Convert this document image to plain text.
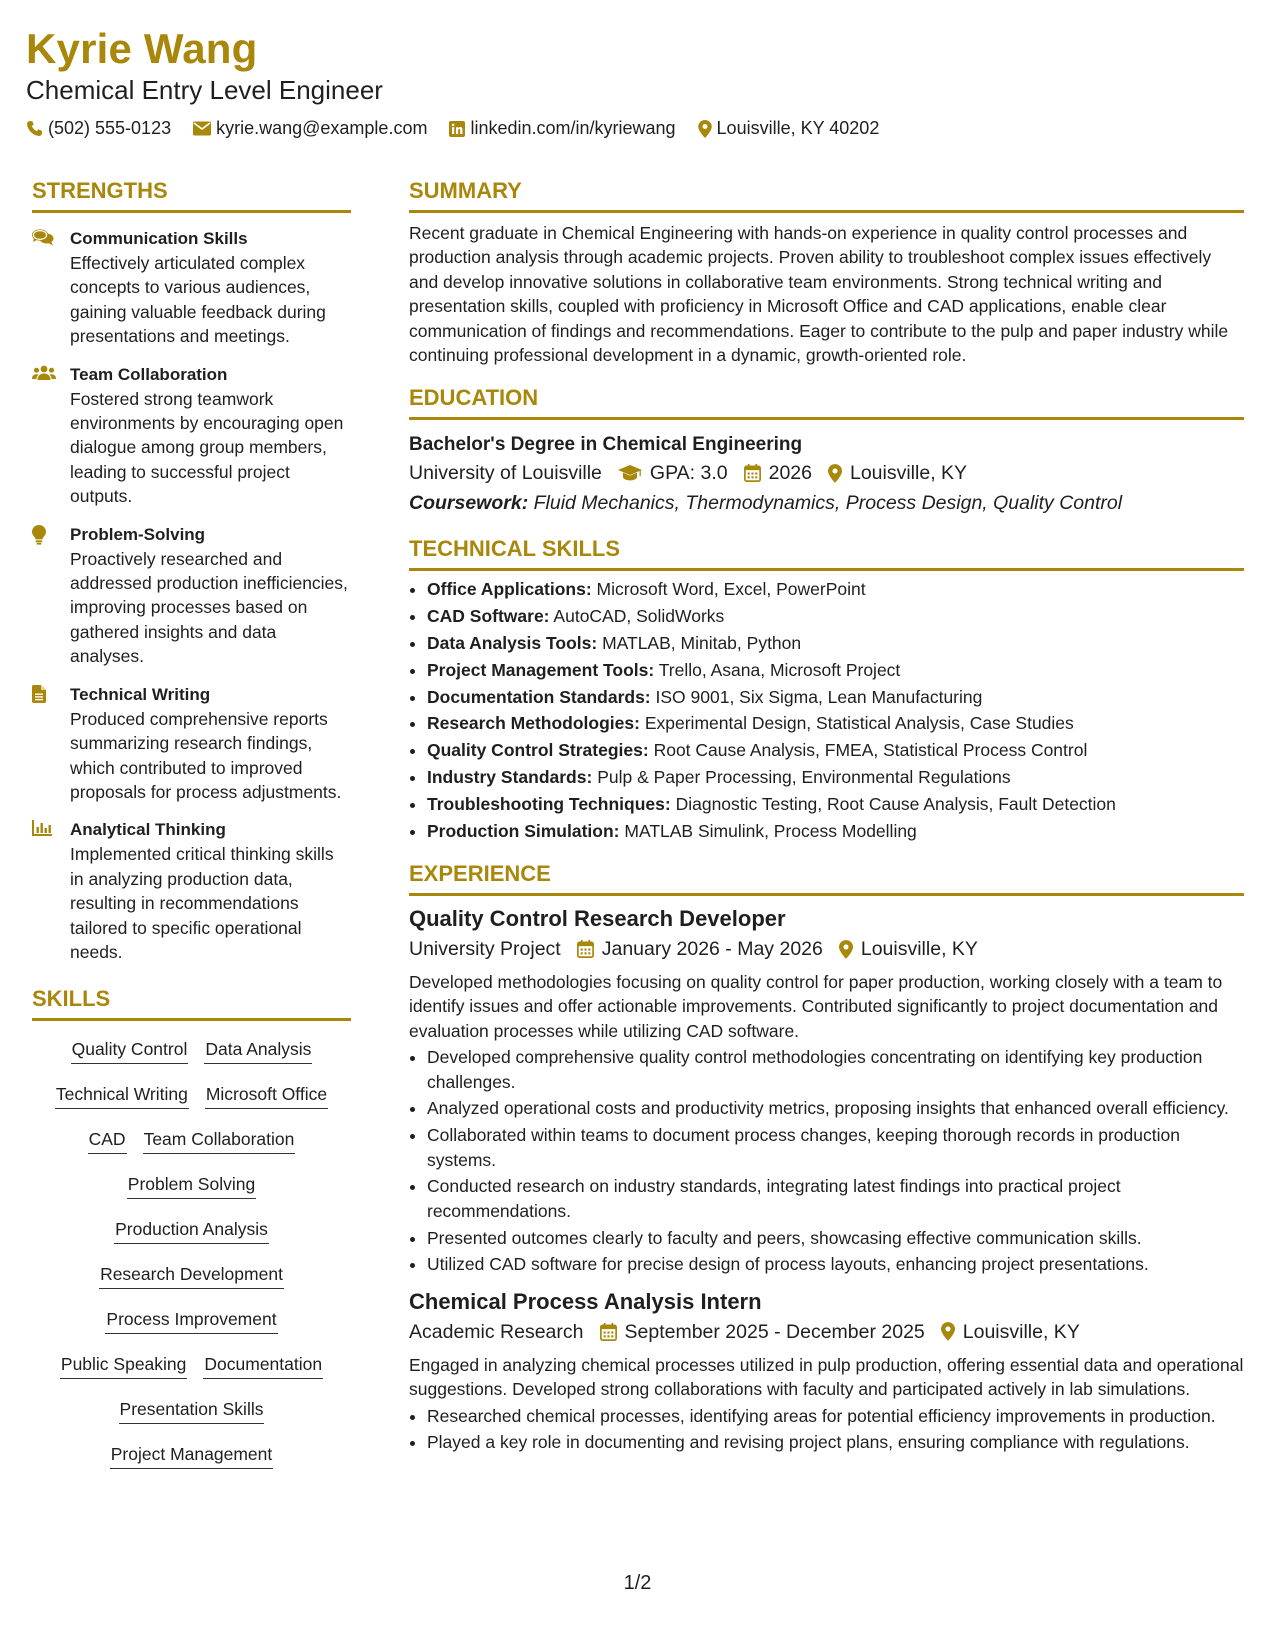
Kyrie Wang
Chemical Entry Level Engineer
(502) 555-0123	kyrie.wang@example.com linkedin.com/in/kyriewang Louisville, KY 40202
STRENGTHS
Communication Skills
Effectively articulated complex concepts to various audiences, gaining valuable feedback during presentations and meetings.
Team Collaboration
Fostered strong teamwork environments by encouraging open dialogue among group members, leading to successful project outputs.
Problem-Solving
Proactively researched and addressed production inefficiencies, improving processes based on gathered insights and data analyses.
Technical Writing
Produced comprehensive reports summarizing research findings, which contributed to improved proposals for process adjustments.
Analytical Thinking
Implemented critical thinking skills in analyzing production data, resulting in recommendations tailored to specific operational needs.
SKILLS
Quality Control Data Analysis
Technical Writing Microsoft Office
CAD Team Collaboration
Problem Solving
Production Analysis
Research Development
Process Improvement
Public Speaking Documentation
Presentation Skills
Project Management
SUMMARY
Recent graduate in Chemical Engineering with hands-on experience in quality control processes and production analysis through academic projects. Proven ability to troubleshoot complex issues effectively and develop innovative solutions in collaborative team environments. Strong technical writing and presentation skills, coupled with proficiency in Microsoft Office and CAD applications, enable clear communication of findings and recommendations. Eager to contribute to the pulp and paper industry while continuing professional development in a dynamic, growth-oriented role.
EDUCATION
Bachelor's Degree in Chemical Engineering
University of Louisville GPA: 3.0 2026 Louisville, KY
Coursework: Fluid Mechanics, Thermodynamics, Process Design, Quality Control
TECHNICAL SKILLS
• Office Applications: Microsoft Word, Excel, PowerPoint
• CAD Software: AutoCAD, SolidWorks
• Data Analysis Tools: MATLAB, Minitab, Python
• Project Management Tools: Trello, Asana, Microsoft Project
• Documentation Standards: ISO 9001, Six Sigma, Lean Manufacturing
• Research Methodologies: Experimental Design, Statistical Analysis, Case Studies
• Quality Control Strategies: Root Cause Analysis, FMEA, Statistical Process Control
• Industry Standards: Pulp & Paper Processing, Environmental Regulations
• Troubleshooting Techniques: Diagnostic Testing, Root Cause Analysis, Fault Detection
• Production Simulation: MATLAB Simulink, Process Modelling
EXPERIENCE
Quality Control Research Developer
University Project January 2026 - May 2026 Louisville, KY
Developed methodologies focusing on quality control for paper production, working closely with a team to identify issues and offer actionable improvements. Contributed significantly to project documentation and evaluation processes while utilizing CAD software.
• Developed comprehensive quality control methodologies concentrating on identifying key production challenges.
• Analyzed operational costs and productivity metrics, proposing insights that enhanced overall efficiency.
• Collaborated within teams to document process changes, keeping thorough records in production systems.
• Conducted research on industry standards, integrating latest findings into practical project recommendations.
• Presented outcomes clearly to faculty and peers, showcasing effective communication skills.
• Utilized CAD software for precise design of process layouts, enhancing project presentations.
Chemical Process Analysis Intern
Academic Research September 2025 - December 2025 Louisville, KY
Engaged in analyzing chemical processes utilized in pulp production, offering essential data and operational suggestions. Developed strong collaborations with faculty and participated actively in lab simulations.
• Researched chemical processes, identifying areas for potential efficiency improvements in production.
• Played a key role in documenting and revising project plans, ensuring compliance with regulations.
1/2
